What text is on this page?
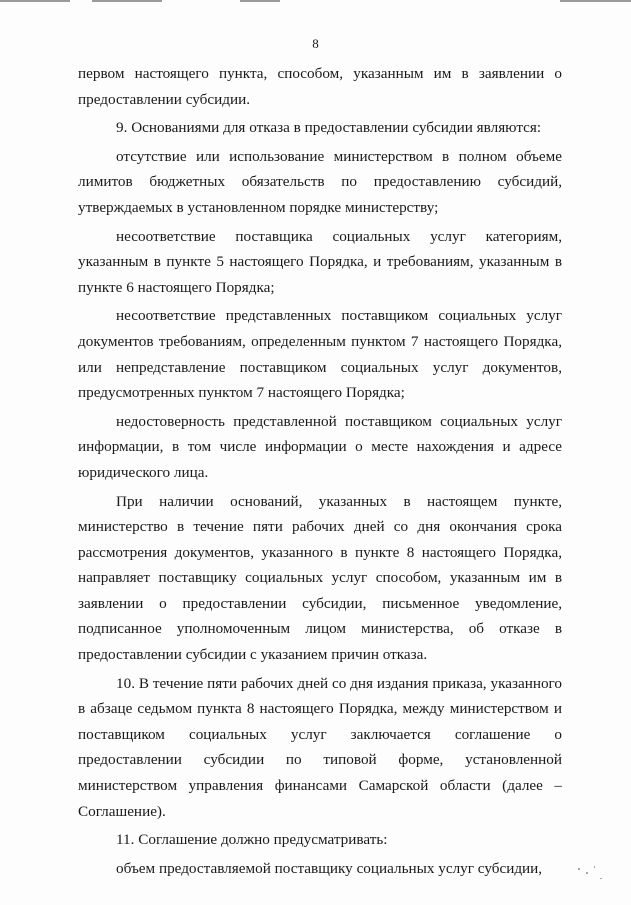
8

первом настоящего пункта, способом, указанным им в заявлении о предоставлении субсидии.

9. Основаниями для отказа в предоставлении субсидии являются:

отсутствие или использование министерством в полном объеме лимитов бюджетных обязательств по предоставлению субсидий, утверждаемых в установленном порядке министерству;

несоответствие поставщика социальных услуг категориям, указанным в пункте 5 настоящего Порядка, и требованиям, указанным в пункте 6 настоящего Порядка;

несоответствие представленных поставщиком социальных услуг документов требованиям, определенным пунктом 7 настоящего Порядка, или непредставление поставщиком социальных услуг документов, предусмотренных пунктом 7 настоящего Порядка;

недостоверность представленной поставщиком социальных услуг информации, в том числе информации о месте нахождения и адресе юридического лица.

При наличии оснований, указанных в настоящем пункте, министерство в течение пяти рабочих дней со дня окончания срока рассмотрения документов, указанного в пункте 8 настоящего Порядка, направляет поставщику социальных услуг способом, указанным им в заявлении о предоставлении субсидии, письменное уведомление, подписанное уполномоченным лицом министерства, об отказе в предоставлении субсидии с указанием причин отказа.

10. В течение пяти рабочих дней со дня издания приказа, указанного в абзаце седьмом пункта 8 настоящего Порядка, между министерством и поставщиком социальных услуг заключается соглашение о предоставлении субсидии по типовой форме, установленной министерством управления финансами Самарской области (далее – Соглашение).

11. Соглашение должно предусматривать:

объем предоставляемой поставщику социальных услуг субсидии,
